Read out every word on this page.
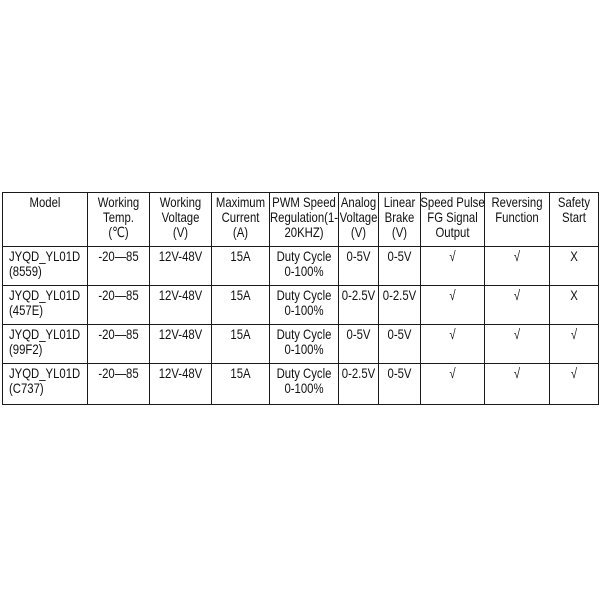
Model	Working
Temp.
(℃)	Working
Voltage
(V)	Maximum
Current
(A)	PWM Speed
Regulation(1-
20KHZ)	Analog
Voltage
(V)	Linear
Brake
(V)	Speed Pulse
FG Signal
Output	Reversing
Function	Safety
Start

JYQD_YL01D
(8559)	-20—85	12V-48V	15A	Duty Cycle
0-100%	0-5V	0-5V	√	√	X

JYQD_YL01D
(457E)	-20—85	12V-48V	15A	Duty Cycle
0-100%	0-2.5V	0-2.5V	√	√	X

JYQD_YL01D
(99F2)	-20—85	12V-48V	15A	Duty Cycle
0-100%	0-5V	0-5V	√	√	√

JYQD_YL01D
(C737)	-20—85	12V-48V	15A	Duty Cycle
0-100%	0-2.5V	0-5V	√	√	√
